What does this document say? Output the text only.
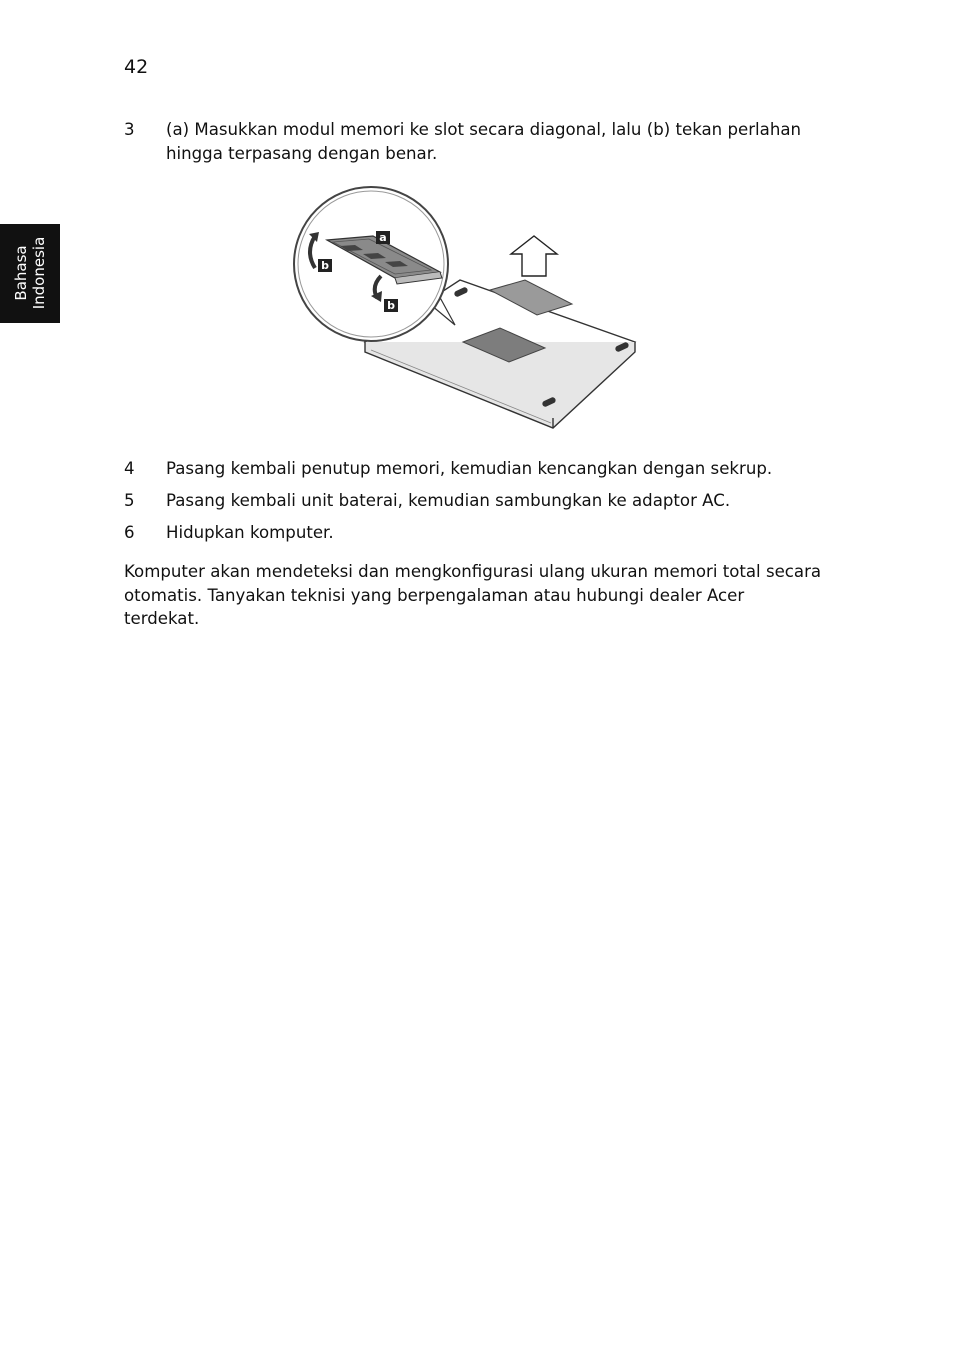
42
Bahasa Indonesia
3 (a) Masukkan modul memori ke slot secara diagonal, lalu (b) tekan perlahan hingga terpasang dengan benar.
a
b
b
4 Pasang kembali penutup memori, kemudian kencangkan dengan sekrup.
5 Pasang kembali unit baterai, kemudian sambungkan ke adaptor AC.
6 Hidupkan komputer.
Komputer akan mendeteksi dan mengkonfigurasi ulang ukuran memori total secara otomatis. Tanyakan teknisi yang berpengalaman atau hubungi dealer Acer terdekat.
